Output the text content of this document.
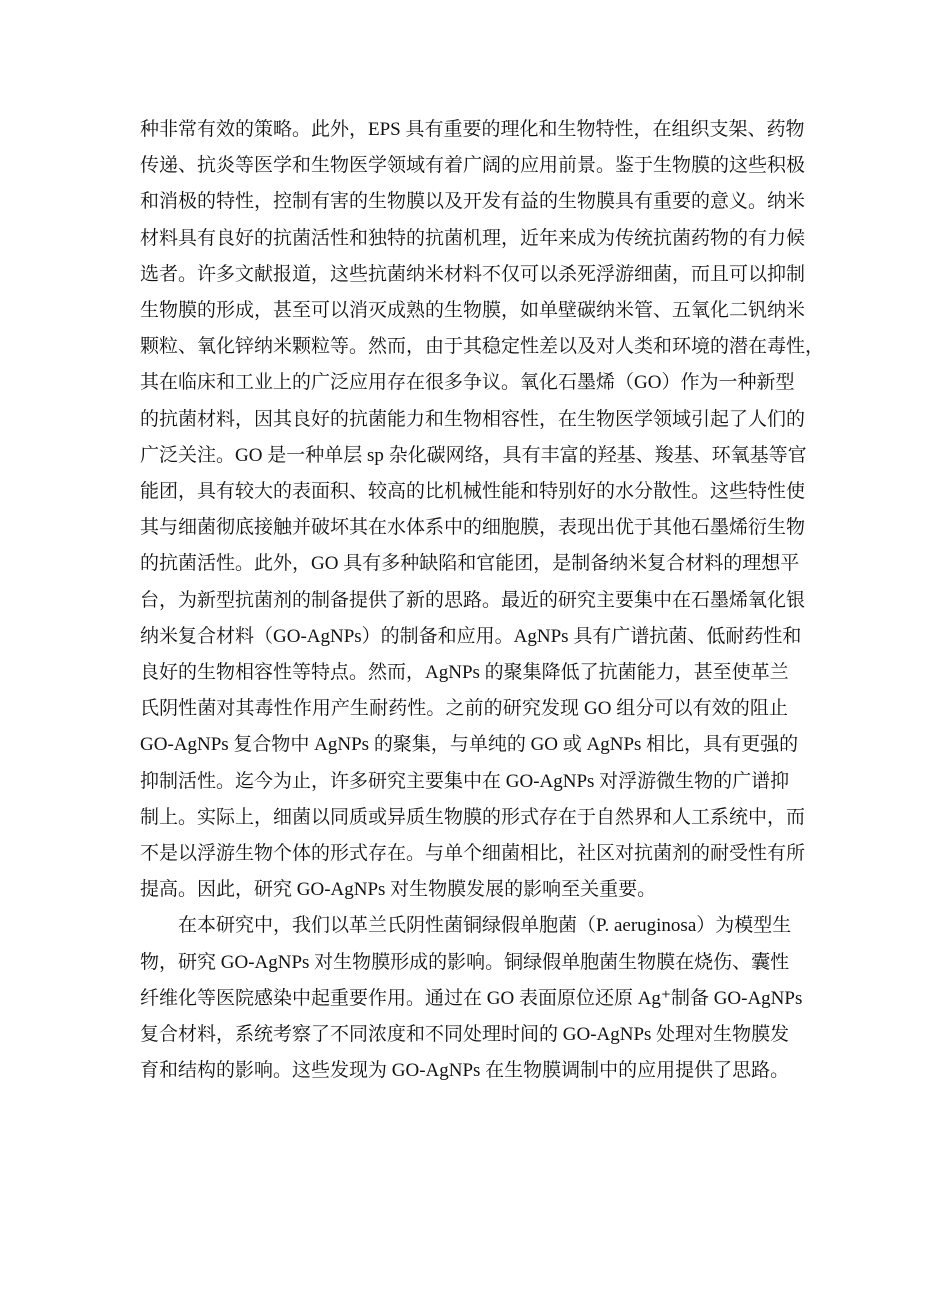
种非常有效的策略。此外，EPS 具有重要的理化和生物特性，在组织支架、药物
传递、抗炎等医学和生物医学领域有着广阔的应用前景。鉴于生物膜的这些积极
和消极的特性，控制有害的生物膜以及开发有益的生物膜具有重要的意义。纳米
材料具有良好的抗菌活性和独特的抗菌机理，近年来成为传统抗菌药物的有力候
选者。许多文献报道，这些抗菌纳米材料不仅可以杀死浮游细菌，而且可以抑制
生物膜的形成，甚至可以消灭成熟的生物膜，如单壁碳纳米管、五氧化二钒纳米
颗粒、氧化锌纳米颗粒等。然而，由于其稳定性差以及对人类和环境的潜在毒性，
其在临床和工业上的广泛应用存在很多争议。氧化石墨烯（GO）作为一种新型
的抗菌材料，因其良好的抗菌能力和生物相容性，在生物医学领域引起了人们的
广泛关注。GO 是一种单层 sp 杂化碳网络，具有丰富的羟基、羧基、环氧基等官
能团，具有较大的表面积、较高的比机械性能和特别好的水分散性。这些特性使
其与细菌彻底接触并破坏其在水体系中的细胞膜，表现出优于其他石墨烯衍生物
的抗菌活性。此外，GO 具有多种缺陷和官能团，是制备纳米复合材料的理想平
台，为新型抗菌剂的制备提供了新的思路。最近的研究主要集中在石墨烯氧化银
纳米复合材料（GO-AgNPs）的制备和应用。AgNPs 具有广谱抗菌、低耐药性和
良好的生物相容性等特点。然而，AgNPs 的聚集降低了抗菌能力，甚至使革兰
氏阴性菌对其毒性作用产生耐药性。之前的研究发现 GO 组分可以有效的阻止
GO-AgNPs 复合物中 AgNPs 的聚集，与单纯的 GO 或 AgNPs 相比，具有更强的
抑制活性。迄今为止，许多研究主要集中在 GO-AgNPs 对浮游微生物的广谱抑
制上。实际上，细菌以同质或异质生物膜的形式存在于自然界和人工系统中，而
不是以浮游生物个体的形式存在。与单个细菌相比，社区对抗菌剂的耐受性有所
提高。因此，研究 GO-AgNPs 对生物膜发展的影响至关重要。
在本研究中，我们以革兰氏阴性菌铜绿假单胞菌（P. aeruginosa）为模型生
物，研究 GO-AgNPs 对生物膜形成的影响。铜绿假单胞菌生物膜在烧伤、囊性
纤维化等医院感染中起重要作用。通过在 GO 表面原位还原 Ag⁺制备 GO-AgNPs
复合材料，系统考察了不同浓度和不同处理时间的 GO-AgNPs 处理对生物膜发
育和结构的影响。这些发现为 GO-AgNPs 在生物膜调制中的应用提供了思路。
